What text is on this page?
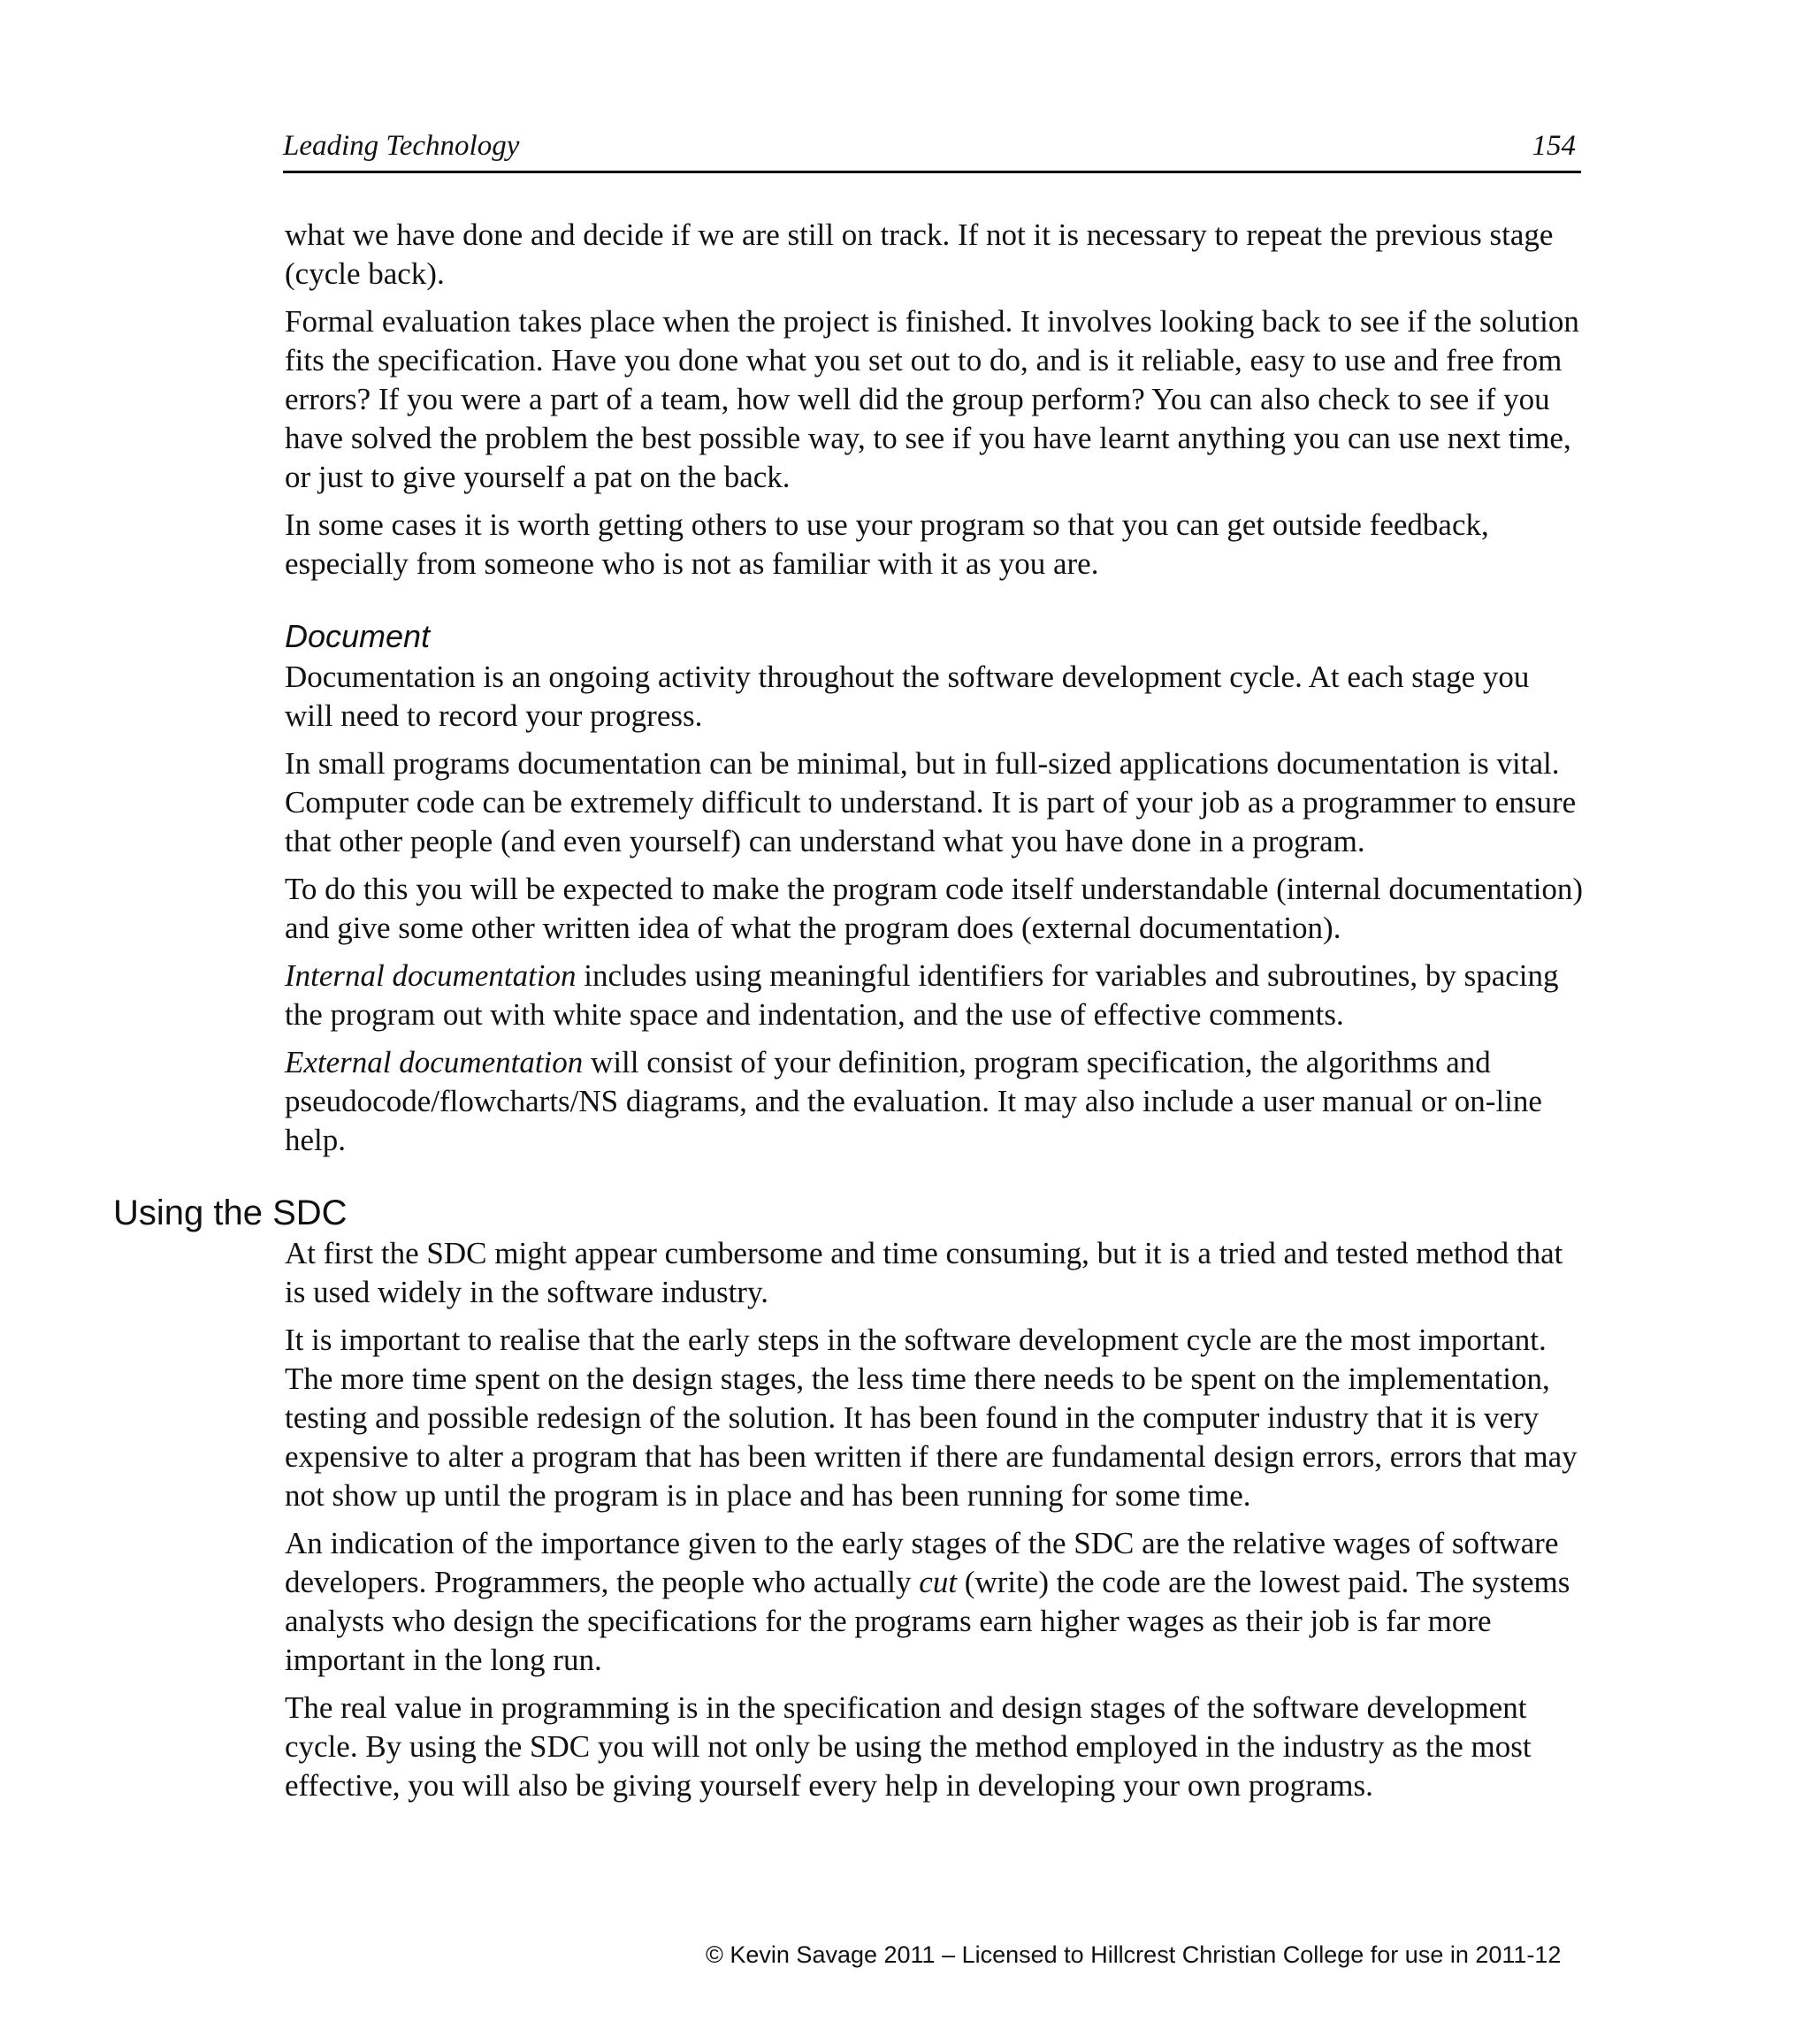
Leading Technology	154

what we have done and decide if we are still on track. If not it is necessary to repeat the previous stage (cycle back).

Formal evaluation takes place when the project is finished. It involves looking back to see if the solution fits the specification. Have you done what you set out to do, and is it reliable, easy to use and free from errors? If you were a part of a team, how well did the group perform? You can also check to see if you have solved the problem the best possible way, to see if you have learnt anything you can use next time, or just to give yourself a pat on the back.

In some cases it is worth getting others to use your program so that you can get outside feedback, especially from someone who is not as familiar with it as you are.

Document

Documentation is an ongoing activity throughout the software development cycle. At each stage you will need to record your progress.

In small programs documentation can be minimal, but in full-sized applications documentation is vital. Computer code can be extremely difficult to understand. It is part of your job as a programmer to ensure that other people (and even yourself) can understand what you have done in a program.

To do this you will be expected to make the program code itself understandable (internal documentation) and give some other written idea of what the program does (external documentation).

Internal documentation includes using meaningful identifiers for variables and subroutines, by spacing the program out with white space and indentation, and the use of effective comments.

External documentation will consist of your definition, program specification, the algorithms and pseudocode/flowcharts/NS diagrams, and the evaluation. It may also include a user manual or on-line help.

Using the SDC

At first the SDC might appear cumbersome and time consuming, but it is a tried and tested method that is used widely in the software industry.

It is important to realise that the early steps in the software development cycle are the most important. The more time spent on the design stages, the less time there needs to be spent on the implementation, testing and possible redesign of the solution. It has been found in the computer industry that it is very expensive to alter a program that has been written if there are fundamental design errors, errors that may not show up until the program is in place and has been running for some time.

An indication of the importance given to the early stages of the SDC are the relative wages of software developers. Programmers, the people who actually cut (write) the code are the lowest paid. The systems analysts who design the specifications for the programs earn higher wages as their job is far more important in the long run.

The real value in programming is in the specification and design stages of the software development cycle. By using the SDC you will not only be using the method employed in the industry as the most effective, you will also be giving yourself every help in developing your own programs.

© Kevin Savage 2011 – Licensed to Hillcrest Christian College for use in 2011-12
